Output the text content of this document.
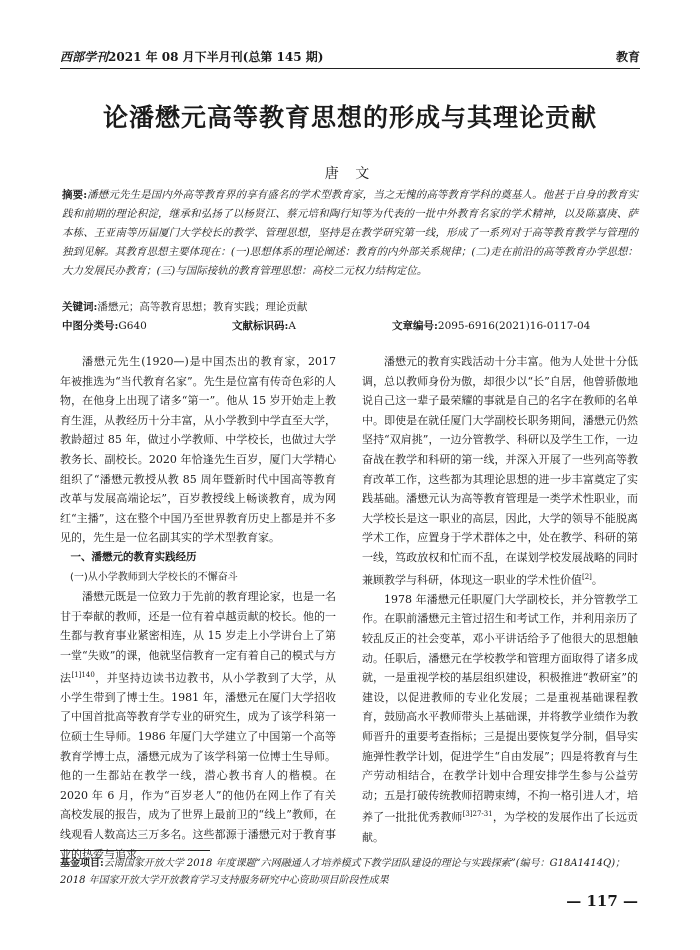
西部学刊2021 年 08 月下半月刊(总第 145 期)	教育
论潘懋元高等教育思想的形成与其理论贡献
唐 文
摘要:潘懋元先生是国内外高等教育界的享有盛名的学术型教育家，当之无愧的高等教育学科的奠基人。他甚于自身的教育实践和前期的理论积淀，继承和弘扬了以杨贤江、蔡元培和陶行知等为代表的一批中外教育名家的学术精神，以及陈嘉庚、萨本栋、王亚南等历届厦门大学校长的教学、管理思想，坚持是在教学研究第一线，形成了一系列对于高等教育教学与管理的独到见解。其教育思想主要体现在：(一)思想体系的理论阐述：教育的内外部关系规律；(二)走在前沿的高等教育办学思想：大力发展民办教育；(三)与国际接轨的教育管理思想：高校二元权力结构定位。
关键词:潘懋元；高等教育思想；教育实践；理论贡献
中图分类号:G640	文献标识码:A	文章编号:2095-6916(2021)16-0117-04

潘懋元先生(1920—)是中国杰出的教育家，2017 年被推选为“当代教育名家”。先生是位富有传奇色彩的人物，在他身上出现了诸多“第一”。他从 15 岁开始走上教育生涯，从教经历十分丰富，从小学教到中学直至大学，教龄超过 85 年，做过小学教师、中学校长，也做过大学教务长、副校长。2020 年恰逢先生百岁，厦门大学精心组织了“潘懋元教授从教 85 周年暨新时代中国高等教育改革与发展高端论坛”，百岁教授线上畅谈教育，成为网红“主播”，这在整个中国乃至世界教育历史上都是并不多见的，先生是一位名副其实的学术型教育家。

一、潘懋元的教育实践经历
(一)从小学教师到大学校长的不懈奋斗

潘懋元既是一位致力于先前的教育理论家，也是一名甘于奉献的教师，还是一位有着卓越贡献的校长。他的一生都与教育事业紧密相连，从 15 岁走上小学讲台上了第一堂“失败”的课，他就坚信教育一定有着自己的模式与方法$^{[1]140}$，并坚持边读书边教书，从小学教到了大学，从小学生带到了博士生。1981 年，潘懋元在厦门大学招收了中国首批高等教育学专业的研究生，成为了该学科第一位硕士生导师。1986 年厦门大学建立了中国第一个高等教育学博士点，潘懋元成为了该学科第一位博士生导师。他的一生都站在教学一线，潜心教书育人的楷模。在 2020 年 6 月，作为“百岁老人”的他仍在网上作了有关高校发展的报告，成为了世界上最前卫的“线上”教师，在线观看人数高达三万多名。这些都源于潘懋元对于教育事业的热爱与追求。

潘懋元的教育实践活动十分丰富。他为人处世十分低调，总以教师身份为傲，却很少以“长”自居，他曾骄傲地说自己这一辈子最荣耀的事就是自己的名字在教师的名单中。即使是在就任厦门大学副校长职务期间，潘懋元仍然坚持“双肩挑”，一边分管教学、科研以及学生工作，一边奋战在教学和科研的第一线，并深入开展了一些列高等教育改革工作，这些都为其理论思想的进一步丰富奠定了实践基础。潘懋元认为高等教育管理是一类学术性职业，而大学校长是这一职业的高层，因此，大学的领导不能脱离学术工作，应置身于学术群体之中，处在教学、科研的第一线，笃政放权和忙而不乱，在谋划学校发展战略的同时兼顾教学与科研，体现这一职业的学术性价值[2]。

1978 年潘懋元任职厦门大学副校长，并分管教学工作。在职前潘懋元主管过招生和考试工作，并利用亲历了较乱反正的社会变革，邓小平讲话给予了他很大的思想触动。任职后，潘懋元在学校教学和管理方面取得了诸多成就，一是重视学校的基层组织建设，积极推进“教研室”的建设，以促进教师的专业化发展；二是重视基础课程教育，鼓励高水平教师带头上基础课，并将教学业绩作为教师晋升的重要考查指标；三是提出要恢复学分制，倡导实施弹性教学计划，促进学生“自由发展”；四是将教育与生产劳动相结合，在教学计划中合理安排学生参与公益劳动；五是打破传统教师招聘束缚，不拘一格引进人才，培养了一批批优秀教师$^{[3]27-31}$，为学校的发展作出了长远贡献。

基金项目:云南国家开放大学 2018 年度课题“六网融通人才培养模式下教学团队建设的理论与实践探索”(编号：G18A1414Q)；2018 年国家开放大学开放教育学习支持服务研究中心资助项目阶段性成果
— 117 —
